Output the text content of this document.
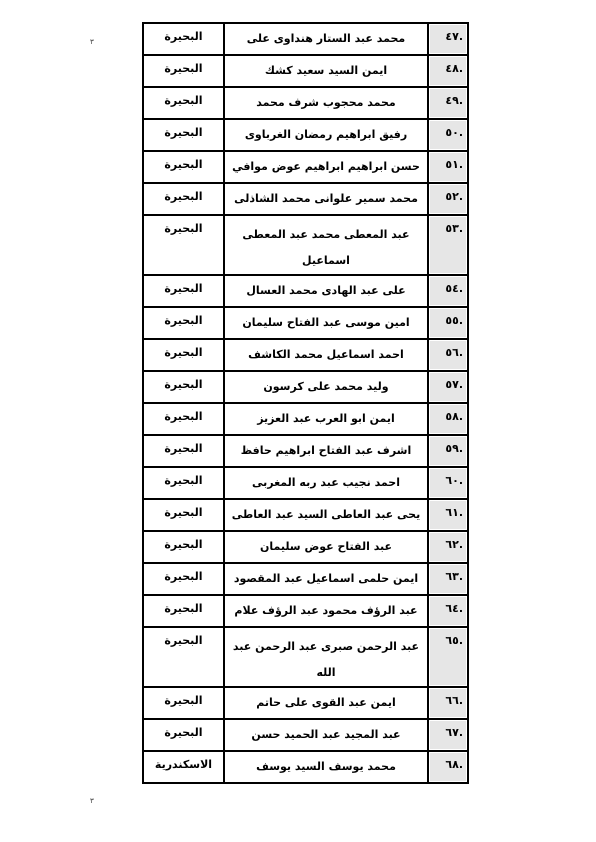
٣
٣
.٤٧	محمد عبد الستار هنداوى على	البحيرة
.٤٨	ايمن السيد سعيد كشك	البحيرة
.٤٩	محمد محجوب شرف محمد	البحيرة
.٥٠	رفيق ابراهيم رمضان الغرباوى	البحيرة
.٥١	حسن ابراهيم ابراهيم عوض موافي	البحيرة
.٥٢	محمد سمير علوانى محمد الشاذلى	البحيرة
.٥٣	عبد المعطى محمد عبد المعطى اسماعيل	البحيرة
.٥٤	على عبد الهادى محمد العسال	البحيرة
.٥٥	امين موسى عبد الفتاح سليمان	البحيرة
.٥٦	احمد اسماعيل محمد الكاشف	البحيرة
.٥٧	وليد محمد على كرسون	البحيرة
.٥٨	ايمن ابو العرب عبد العزيز	البحيرة
.٥٩	اشرف عبد الفتاح ابراهيم حافظ	البحيرة
.٦٠	احمد نجيب عبد ربه المغربى	البحيرة
.٦١	يحى عبد العاطى السيد عبد العاطى	البحيرة
.٦٢	عبد الفتاح عوض سليمان	البحيرة
.٦٣	ايمن حلمى اسماعيل عبد المقصود	البحيرة
.٦٤	عبد الرؤف محمود عبد الرؤف علام	البحيرة
.٦٥	عبد الرحمن صبرى عبد الرحمن عبد الله	البحيرة
.٦٦	ايمن عبد القوى على حاتم	البحيرة
.٦٧	عبد المجيد عبد الحميد حسن	البحيرة
.٦٨	محمد يوسف السيد يوسف	الاسكندرية
